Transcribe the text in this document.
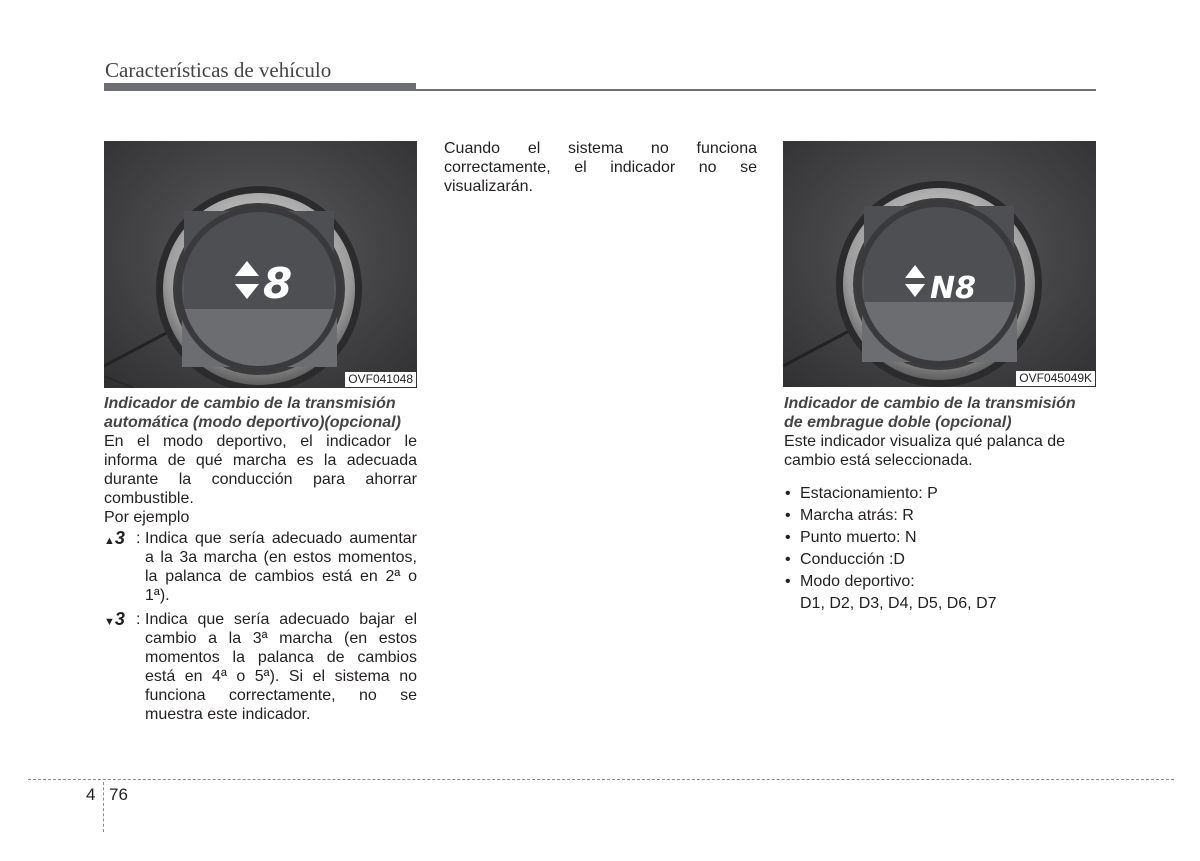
Características de vehículo
8
OVF041048

Indicador de cambio de la transmisión automática (modo deportivo)(opcional)

En el modo deportivo, el indicador le informa de qué marcha es la adecuada durante la conducción para ahorrar combustible.

Por ejemplo

▲3 : Indica que sería adecuado aumentar a la 3a marcha (en estos momentos, la palanca de cambios está en 2ª o 1ª).
▼3 : Indica que sería adecuado bajar el cambio a la 3ª marcha (en estos momentos la palanca de cambios está en 4ª o 5ª). Si el sistema no funciona correctamente, no se muestra este indicador.

Cuando el sistema no funciona correctamente, el indicador no se visualizarán.

N8
OVF045049K

Indicador de cambio de la transmisión de embrague doble (opcional)

Este indicador visualiza qué palanca de cambio está seleccionada.

• Estacionamiento: P
• Marcha atrás: R
• Punto muerto: N
• Conducción :D
• Modo deportivo:
D1, D2, D3, D4, D5, D6, D7
4 76
